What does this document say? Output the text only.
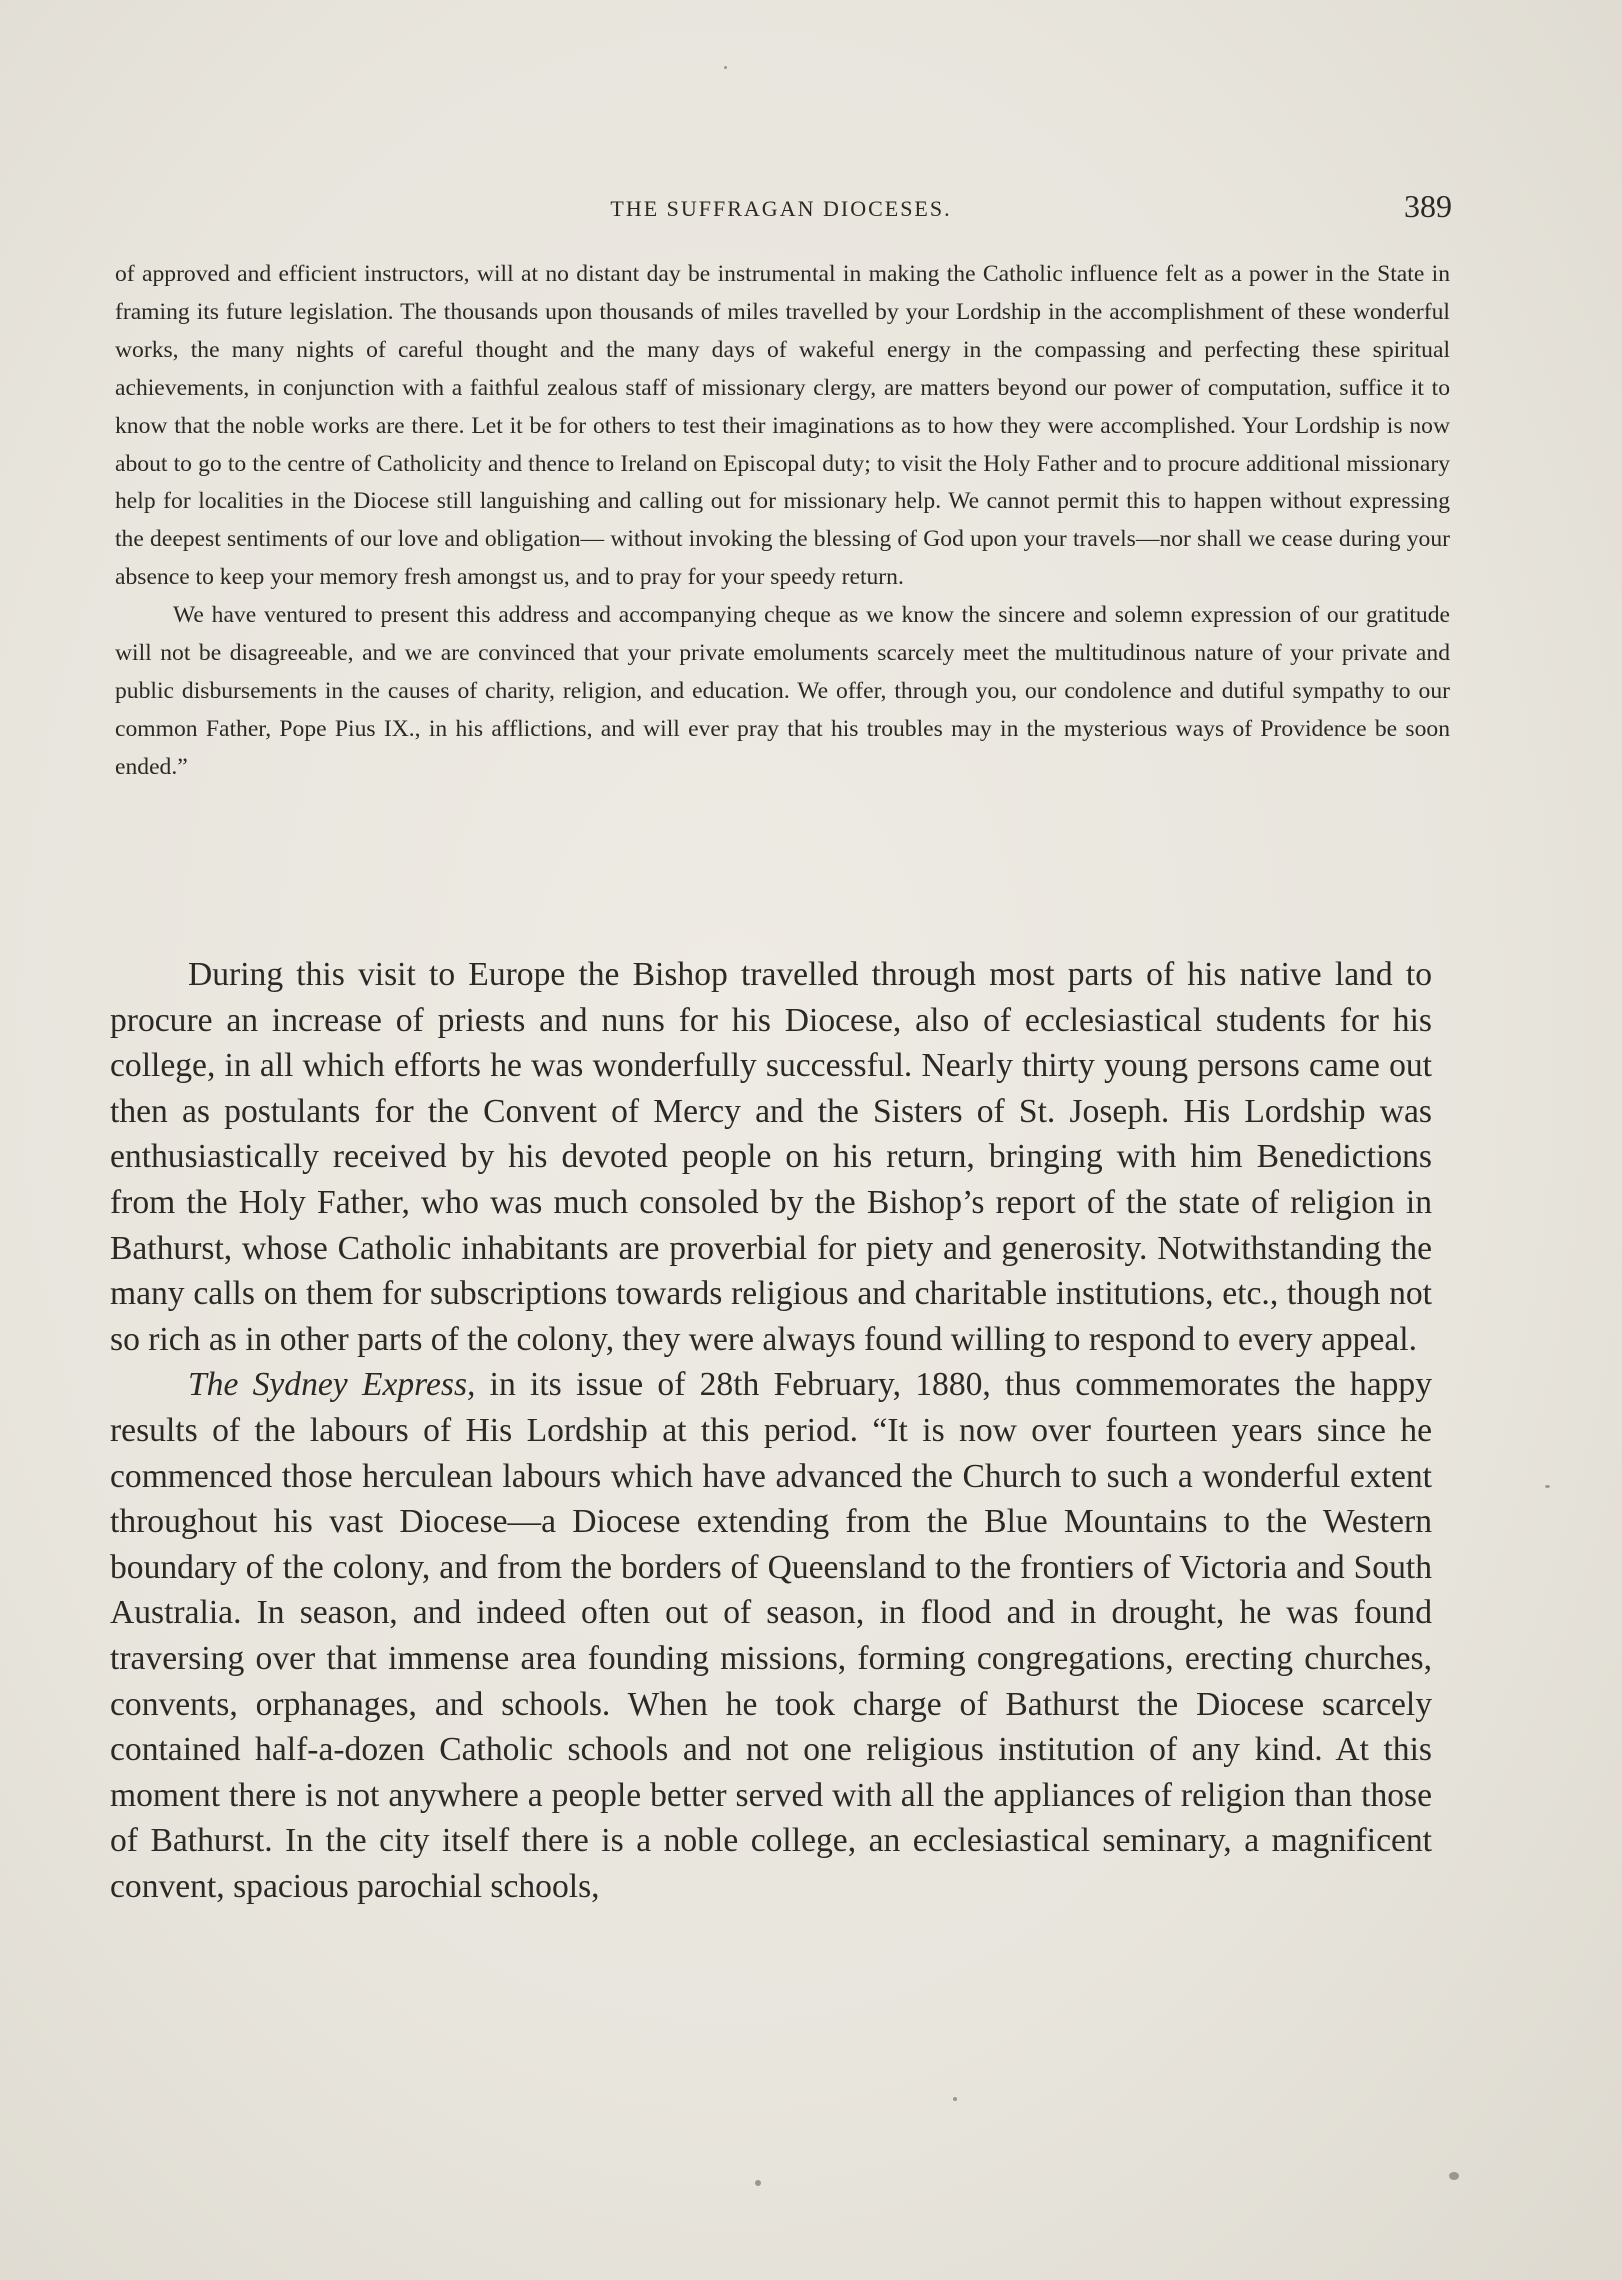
THE SUFFRAGAN DIOCESES.	389

of approved and efficient instructors, will at no distant day be instrumental in making the Catholic influence felt as a power in the State in framing its future legislation. The thousands upon thousands of miles travelled by your Lordship in the accomplishment of these wonderful works, the many nights of careful thought and the many days of wakeful energy in the compassing and perfecting these spiritual achievements, in conjunction with a faithful zealous staff of missionary clergy, are matters beyond our power of computation, suffice it to know that the noble works are there. Let it be for others to test their imaginations as to how they were accomplished. Your Lordship is now about to go to the centre of Catholicity and thence to Ireland on Episcopal duty; to visit the Holy Father and to procure additional missionary help for localities in the Diocese still languishing and calling out for missionary help. We cannot permit this to happen without expressing the deepest sentiments of our love and obligation— without invoking the blessing of God upon your travels—nor shall we cease during your absence to keep your memory fresh amongst us, and to pray for your speedy return.

We have ventured to present this address and accompanying cheque as we know the sincere and solemn expression of our gratitude will not be disagreeable, and we are convinced that your private emoluments scarcely meet the multitudinous nature of your private and public disbursements in the causes of charity, religion, and education. We offer, through you, our condolence and dutiful sympathy to our common Father, Pope Pius IX., in his afflictions, and will ever pray that his troubles may in the mysterious ways of Providence be soon ended.”

During this visit to Europe the Bishop travelled through most parts of his native land to procure an increase of priests and nuns for his Diocese, also of ecclesiastical students for his college, in all which efforts he was wonderfully successful. Nearly thirty young persons came out then as postulants for the Convent of Mercy and the Sisters of St. Joseph. His Lordship was enthusiastically received by his devoted people on his return, bringing with him Benedictions from the Holy Father, who was much consoled by the Bishop’s report of the state of religion in Bathurst, whose Catholic inhabitants are proverbial for piety and generosity. Notwithstanding the many calls on them for subscriptions towards religious and charitable institutions, etc., though not so rich as in other parts of the colony, they were always found willing to respond to every appeal.

The Sydney Express, in its issue of 28th February, 1880, thus commemorates the happy results of the labours of His Lordship at this period. “It is now over fourteen years since he commenced those herculean labours which have advanced the Church to such a wonderful extent throughout his vast Diocese—a Diocese extending from the Blue Mountains to the Western boundary of the colony, and from the borders of Queensland to the frontiers of Victoria and South Australia. In season, and indeed often out of season, in flood and in drought, he was found traversing over that immense area founding missions, forming congregations, erecting churches, convents, orphanages, and schools. When he took charge of Bathurst the Diocese scarcely contained half-a-dozen Catholic schools and not one religious institution of any kind. At this moment there is not anywhere a people better served with all the appliances of religion than those of Bathurst. In the city itself there is a noble college, an ecclesiastical seminary, a magnificent convent, spacious parochial schools,
